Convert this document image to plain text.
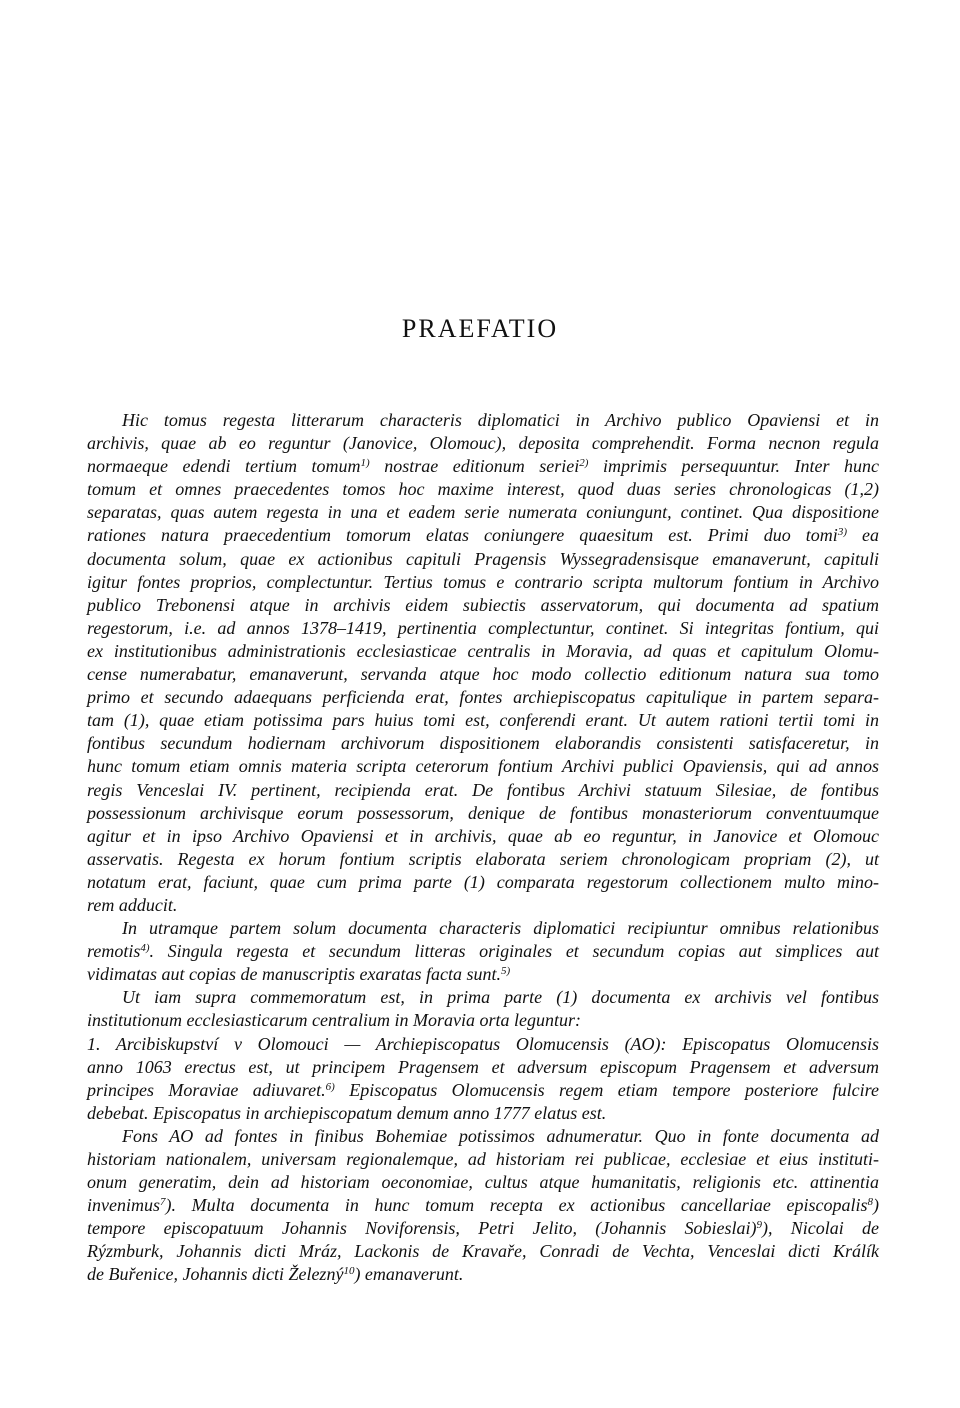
PRAEFATIO
Hic tomus regesta litterarum characteris diplomatici in Archivo publico Opaviensi et in
archivis, quae ab eo reguntur (Janovice, Olomouc), deposita comprehendit. Forma necnon regula
normaeque edendi tertium tomum$^{1)}$ nostrae editionum seriei$^{2)}$ imprimis persequuntur. Inter hunc
tomum et omnes praecedentes tomos hoc maxime interest, quod duas series chronologicas (1,2)
separatas, quas autem regesta in una et eadem serie numerata coniungunt, continet. Qua dispositione
rationes natura praecedentium tomorum elatas coniungere quaesitum est. Primi duo tomi$^{3)}$ ea
documenta solum, quae ex actionibus capituli Pragensis Wyssegradensisque emanaverunt, capituli
igitur fontes proprios, complectuntur. Tertius tomus e contrario scripta multorum fontium in Archivo
publico Trebonensi atque in archivis eidem subiectis asservatorum, qui documenta ad spatium
regestorum, i.e. ad annos 1378–1419, pertinentia complectuntur, continet. Si integritas fontium, qui
ex institutionibus administrationis ecclesiasticae centralis in Moravia, ad quas et capitulum Olomu-
cense numerabatur, emanaverunt, servanda atque hoc modo collectio editionum natura sua tomo
primo et secundo adaequans perficienda erat, fontes archiepiscopatus capitulique in partem separa-
tam (1), quae etiam potissima pars huius tomi est, conferendi erant. Ut autem rationi tertii tomi in
fontibus secundum hodiernam archivorum dispositionem elaborandis consistenti satisfaceretur, in
hunc tomum etiam omnis materia scripta ceterorum fontium Archivi publici Opaviensis, qui ad annos
regis Venceslai IV. pertinent, recipienda erat. De fontibus Archivi statuum Silesiae, de fontibus
possessionum archivisque eorum possessorum, denique de fontibus monasteriorum conventuumque
agitur et in ipso Archivo Opaviensi et in archivis, quae ab eo reguntur, in Janovice et Olomouc
asservatis. Regesta ex horum fontium scriptis elaborata seriem chronologicam propriam (2), ut
notatum erat, faciunt, quae cum prima parte (1) comparata regestorum collectionem multo mino-
rem adducit.
In utramque partem solum documenta characteris diplomatici recipiuntur omnibus relationibus
remotis$^{4)}$. Singula regesta et secundum litteras originales et secundum copias aut simplices aut
vidimatas aut copias de manuscriptis exaratas facta sunt.$^{5)}$
Ut iam supra commemoratum est, in prima parte (1) documenta ex archivis vel fontibus
institutionum ecclesiasticarum centralium in Moravia orta leguntur:
1. Arcibiskupství v Olomouci — Archiepiscopatus Olomucensis (AO): Episcopatus Olomucensis
anno 1063 erectus est, ut principem Pragensem et adversum episcopum Pragensem et adversum
principes Moraviae adiuvaret.$^{6)}$ Episcopatus Olomucensis regem etiam tempore posteriore fulcire
debebat. Episcopatus in archiepiscopatum demum anno 1777 elatus est.
Fons AO ad fontes in finibus Bohemiae potissimos adnumeratur. Quo in fonte documenta ad
historiam nationalem, universam regionalemque, ad historiam rei publicae, ecclesiae et eius instituti-
onum generatim, dein ad historiam oeconomiae, cultus atque humanitatis, religionis etc. attinentia
invenimus$^7$). Multa documenta in hunc tomum recepta ex actionibus cancellariae episcopalis$^8$)
tempore episcopatuum Johannis Noviforensis, Petri Jelito, (Johannis Sobieslai)$^9$), Nicolai de
Rýzmburk, Johannis dicti Mráz, Lackonis de Kravaře, Conradi de Vechta, Venceslai dicti Králík
de Buřenice, Johannis dicti Železný$^{10}$) emanaverunt.
